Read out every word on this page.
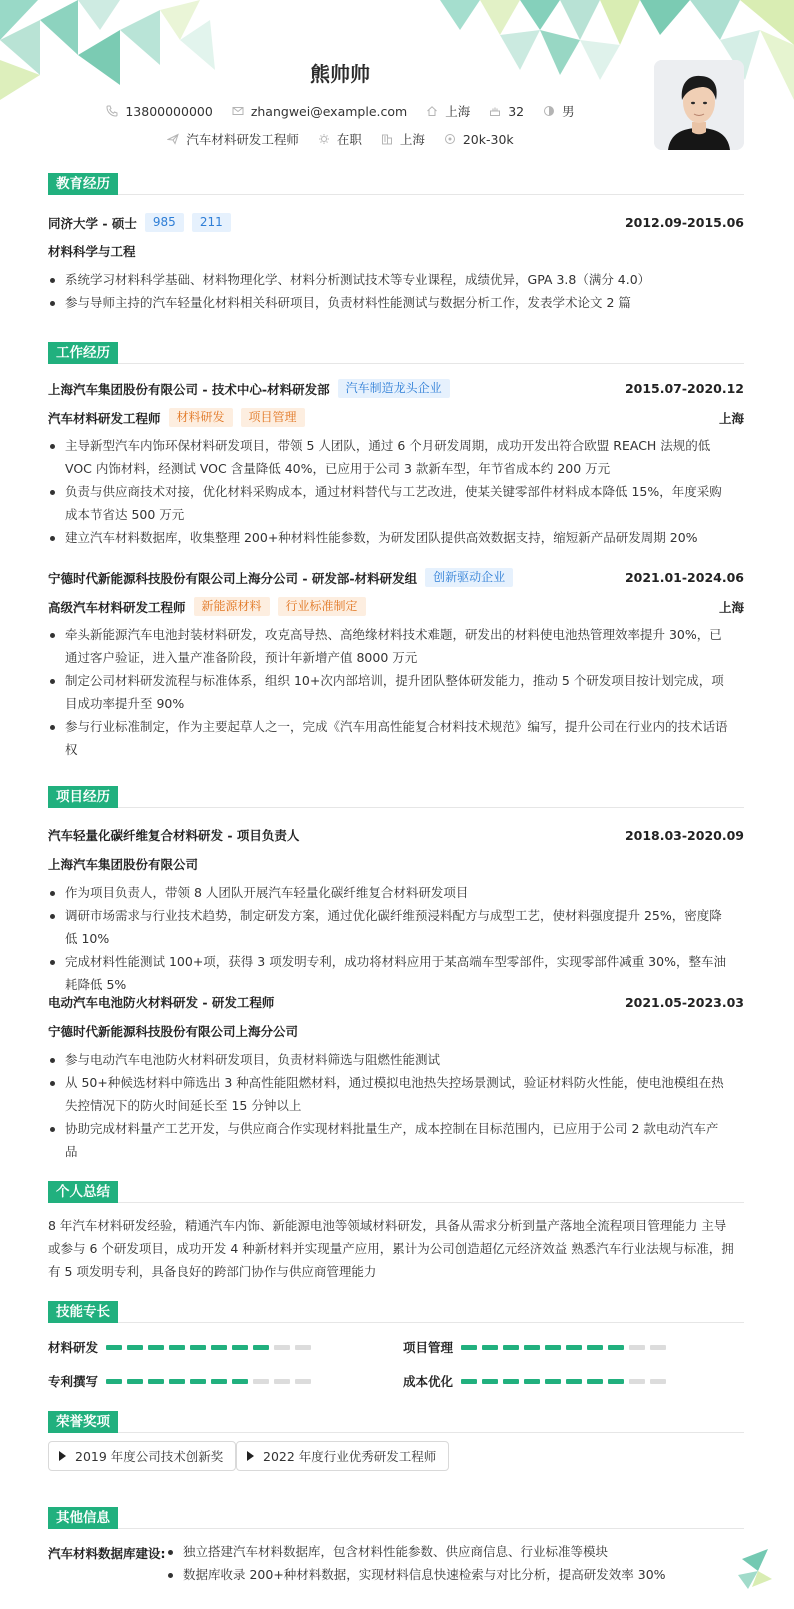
熊帅帅
13800000000	zhangwei@example.com	上海	32	男
汽车材料研发工程师	在职	上海	20k-30k
教育经历
同济大学 - 硕士	985	211	2012.09-2015.06
材料科学与工程
系统学习材料科学基础、材料物理化学、材料分析测试技术等专业课程，成绩优异，GPA 3.8（满分 4.0）
参与导师主持的汽车轻量化材料相关科研项目，负责材料性能测试与数据分析工作，发表学术论文 2 篇
工作经历
上海汽车集团股份有限公司 - 技术中心-材料研发部	汽车制造龙头企业	2015.07-2020.12
汽车材料研发工程师	材料研发	项目管理	上海
主导新型汽车内饰环保材料研发项目，带领 5 人团队，通过 6 个月研发周期，成功开发出符合欧盟 REACH 法规的低 VOC 内饰材料，经测试 VOC 含量降低 40%，已应用于公司 3 款新车型，年节省成本约 200 万元
负责与供应商技术对接，优化材料采购成本，通过材料替代与工艺改进，使某关键零部件材料成本降低 15%，年度采购成本节省达 500 万元
建立汽车材料数据库，收集整理 200+种材料性能参数，为研发团队提供高效数据支持，缩短新产品研发周期 20%
宁德时代新能源科技股份有限公司上海分公司 - 研发部-材料研发组	创新驱动企业	2021.01-2024.06
高级汽车材料研发工程师	新能源材料	行业标准制定	上海
牵头新能源汽车电池封装材料研发，攻克高导热、高绝缘材料技术难题，研发出的材料使电池热管理效率提升 30%，已通过客户验证，进入量产准备阶段，预计年新增产值 8000 万元
制定公司材料研发流程与标准体系，组织 10+次内部培训，提升团队整体研发能力，推动 5 个研发项目按计划完成，项目成功率提升至 90%
参与行业标准制定，作为主要起草人之一，完成《汽车用高性能复合材料技术规范》编写，提升公司在行业内的技术话语权
项目经历
汽车轻量化碳纤维复合材料研发 - 项目负责人	2018.03-2020.09
上海汽车集团股份有限公司
作为项目负责人，带领 8 人团队开展汽车轻量化碳纤维复合材料研发项目
调研市场需求与行业技术趋势，制定研发方案，通过优化碳纤维预浸料配方与成型工艺，使材料强度提升 25%，密度降低 10%
完成材料性能测试 100+项，获得 3 项发明专利，成功将材料应用于某高端车型零部件，实现零部件减重 30%，整车油耗降低 5%
电动汽车电池防火材料研发 - 研发工程师	2021.05-2023.03
宁德时代新能源科技股份有限公司上海分公司
参与电动汽车电池防火材料研发项目，负责材料筛选与阻燃性能测试
从 50+种候选材料中筛选出 3 种高性能阻燃材料，通过模拟电池热失控场景测试，验证材料防火性能，使电池模组在热失控情况下的防火时间延长至 15 分钟以上
协助完成材料量产工艺开发，与供应商合作实现材料批量生产，成本控制在目标范围内，已应用于公司 2 款电动汽车产品
个人总结
8 年汽车材料研发经验，精通汽车内饰、新能源电池等领域材料研发，具备从需求分析到量产落地全流程项目管理能力 主导或参与 6 个研发项目，成功开发 4 种新材料并实现量产应用，累计为公司创造超亿元经济效益 熟悉汽车行业法规与标准，拥有 5 项发明专利，具备良好的跨部门协作与供应商管理能力
技能专长
材料研发	项目管理
专利撰写	成本优化
荣誉奖项
2019 年度公司技术创新奖	2022 年度行业优秀研发工程师
其他信息
汽车材料数据库建设:	独立搭建汽车材料数据库，包含材料性能参数、供应商信息、行业标准等模块
数据库收录 200+种材料数据，实现材料信息快速检索与对比分析，提高研发效率 30%
